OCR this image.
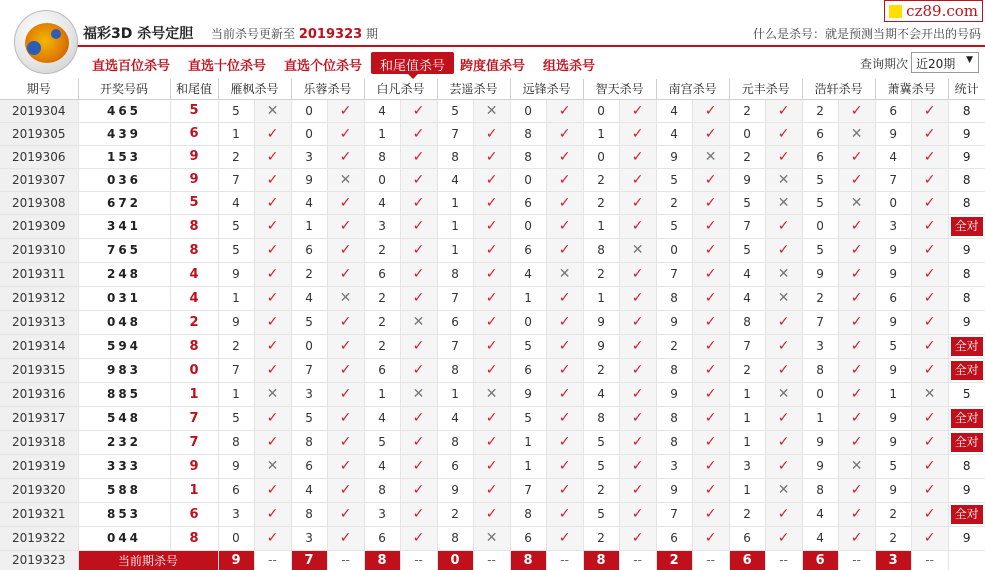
福彩3D 杀号定胆 当前杀号更新至 2019323 期
cz89.com
什么是杀号：就是预测当期不会开出的号码
直选百位杀号 直选十位杀号 直选个位杀号	和尾值杀号	跨度值杀号 组选杀号	查询期次 近20期 ▼
期号	开奖号码	和尾值	雁枫杀号		乐蓉杀号		白凡杀号		芸遥杀号		远锋杀号		智天杀号		南宫杀号		元丰杀号		浩轩杀号		萧冀杀号		统计
2019304	465	5	5	✕	0	✓	4	✓	5	✕	0	✓	0	✓	4	✓	2	✓	2	✓	6	✓	8
2019305	439	6	1	✓	0	✓	1	✓	7	✓	8	✓	1	✓	4	✓	0	✓	6	✕	9	✓	9
2019306	153	9	2	✓	3	✓	8	✓	8	✓	8	✓	0	✓	9	✕	2	✓	6	✓	4	✓	9
2019307	036	9	7	✓	9	✕	0	✓	4	✓	0	✓	2	✓	5	✓	9	✕	5	✓	7	✓	8
2019308	672	5	4	✓	4	✓	4	✓	1	✓	6	✓	2	✓	2	✓	5	✕	5	✕	0	✓	8
2019309	341	8	5	✓	1	✓	3	✓	1	✓	0	✓	1	✓	5	✓	7	✓	0	✓	3	✓	全对
2019310	765	8	5	✓	6	✓	2	✓	1	✓	6	✓	8	✕	0	✓	5	✓	5	✓	9	✓	9
2019311	248	4	9	✓	2	✓	6	✓	8	✓	4	✕	2	✓	7	✓	4	✕	9	✓	9	✓	8
2019312	031	4	1	✓	4	✕	2	✓	7	✓	1	✓	1	✓	8	✓	4	✕	2	✓	6	✓	8
2019313	048	2	9	✓	5	✓	2	✕	6	✓	0	✓	9	✓	9	✓	8	✓	7	✓	9	✓	9
2019314	594	8	2	✓	0	✓	2	✓	7	✓	5	✓	9	✓	2	✓	7	✓	3	✓	5	✓	全对
2019315	983	0	7	✓	7	✓	6	✓	8	✓	6	✓	2	✓	8	✓	2	✓	8	✓	9	✓	全对
2019316	885	1	1	✕	3	✓	1	✕	1	✕	9	✓	4	✓	9	✓	1	✕	0	✓	1	✕	5
2019317	548	7	5	✓	5	✓	4	✓	4	✓	5	✓	8	✓	8	✓	1	✓	1	✓	9	✓	全对
2019318	232	7	8	✓	8	✓	5	✓	8	✓	1	✓	5	✓	8	✓	1	✓	9	✓	9	✓	全对
2019319	333	9	9	✕	6	✓	4	✓	6	✓	1	✓	5	✓	3	✓	3	✓	9	✕	5	✓	8
2019320	588	1	6	✓	4	✓	8	✓	9	✓	7	✓	2	✓	9	✓	1	✕	8	✓	9	✓	9
2019321	853	6	3	✓	8	✓	3	✓	2	✓	8	✓	5	✓	7	✓	2	✓	4	✓	2	✓	全对
2019322	044	8	0	✓	3	✓	6	✓	8	✕	6	✓	2	✓	6	✓	6	✓	4	✓	2	✓	9
2019323	当前期杀号		9	--	7	--	8	--	0	--	8	--	8	--	2	--	6	--	6	--	3	--	
